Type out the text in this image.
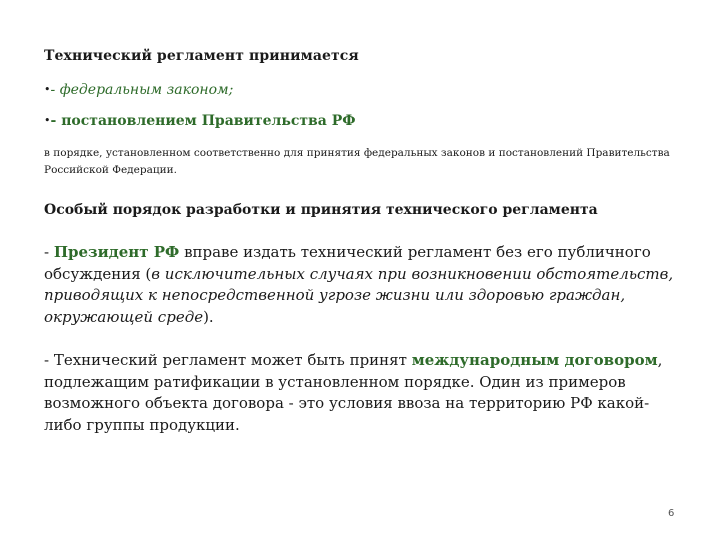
Технический регламент принимается
•- федеральным законом;
•- постановлением Правительства РФ
в порядке, установленном соответственно для принятия федеральных законов и постановлений Правительства Российской Федерации.
Особый порядок разработки и принятия технического регламента
- Президент РФ вправе издать технический регламент без его публичного обсуждения (в исключительных случаях при возникновении обстоятельств, приводящих к непосредственной угрозе жизни или здоровью граждан, окружающей среде).
- Технический регламент может быть принят международным договором, подлежащим ратификации в установленном порядке. Один из примеров возможного объекта договора - это условия ввоза на территорию РФ какой-либо группы продукции.
6
